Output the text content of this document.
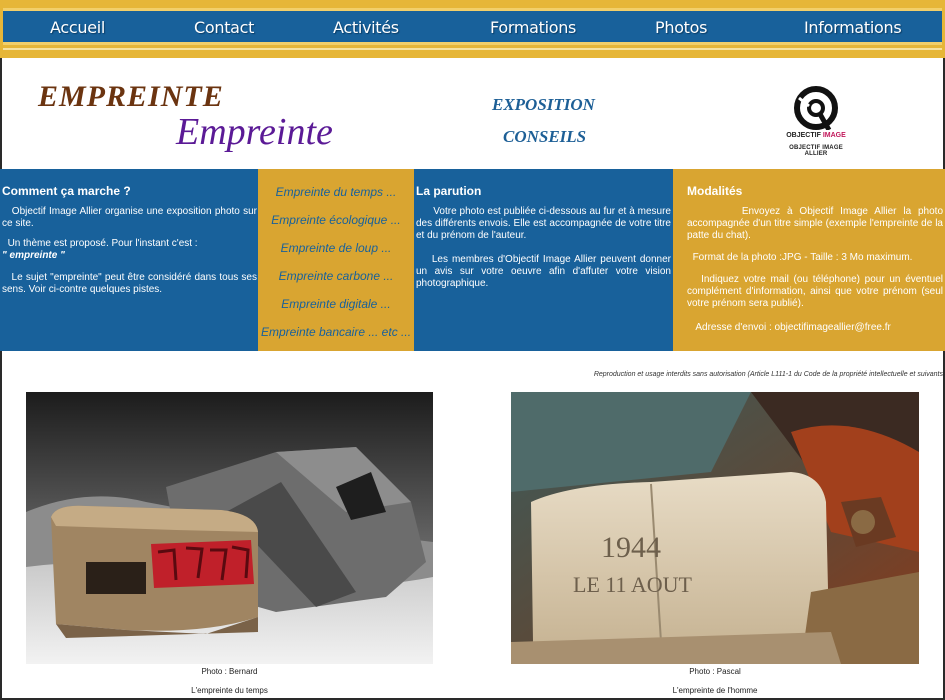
Accueil	Contact	Activités	Formations	Photos	Informations
EMPREINTE
Empreinte
EXPOSITION
CONSEILS	OBJECTIF IMAGE
OBJECTIF IMAGE ALLIER
Comment ça marche ?

Objectif Image Allier organise une exposition photo sur ce site.

Un thème est proposé. Pour l'instant c'est :

" empreinte "

Le sujet "empreinte" peut être considéré dans tous ses sens. Voir ci-contre quelques pistes.

Empreinte du temps ...
Empreinte écologique ...
Empreinte de loup ...
Empreinte carbone ...
Empreinte digitale ...
Empreinte bancaire ... etc ...
La parution

Votre photo est publiée ci-dessous au fur et à mesure des différents envois. Elle est accompagnée de votre titre et du prénom de l'auteur.

Les membres d'Objectif Image Allier peuvent donner un avis sur votre oeuvre afin d'affuter votre vision photographique.

Modalités

Envoyez à Objectif Image Allier la photo accompagnée d'un titre simple (exemple l'empreinte de la patte du chat).

Format de la photo :JPG - Taille : 3 Mo maximum.

Indiquez votre mail (ou téléphone) pour un éventuel complément d'information, ainsi que votre prénom (seul votre prénom sera publié).

Adresse d'envoi : objectifimageallier@free.fr

Reproduction et usage interdits sans autorisation (Article L111-1 du Code de la propriété intellectuelle et suivants
Photo : Bernard
L'empreinte du temps
1944
LE 11 AOUT
Photo : Pascal
L'empreinte de l'homme
